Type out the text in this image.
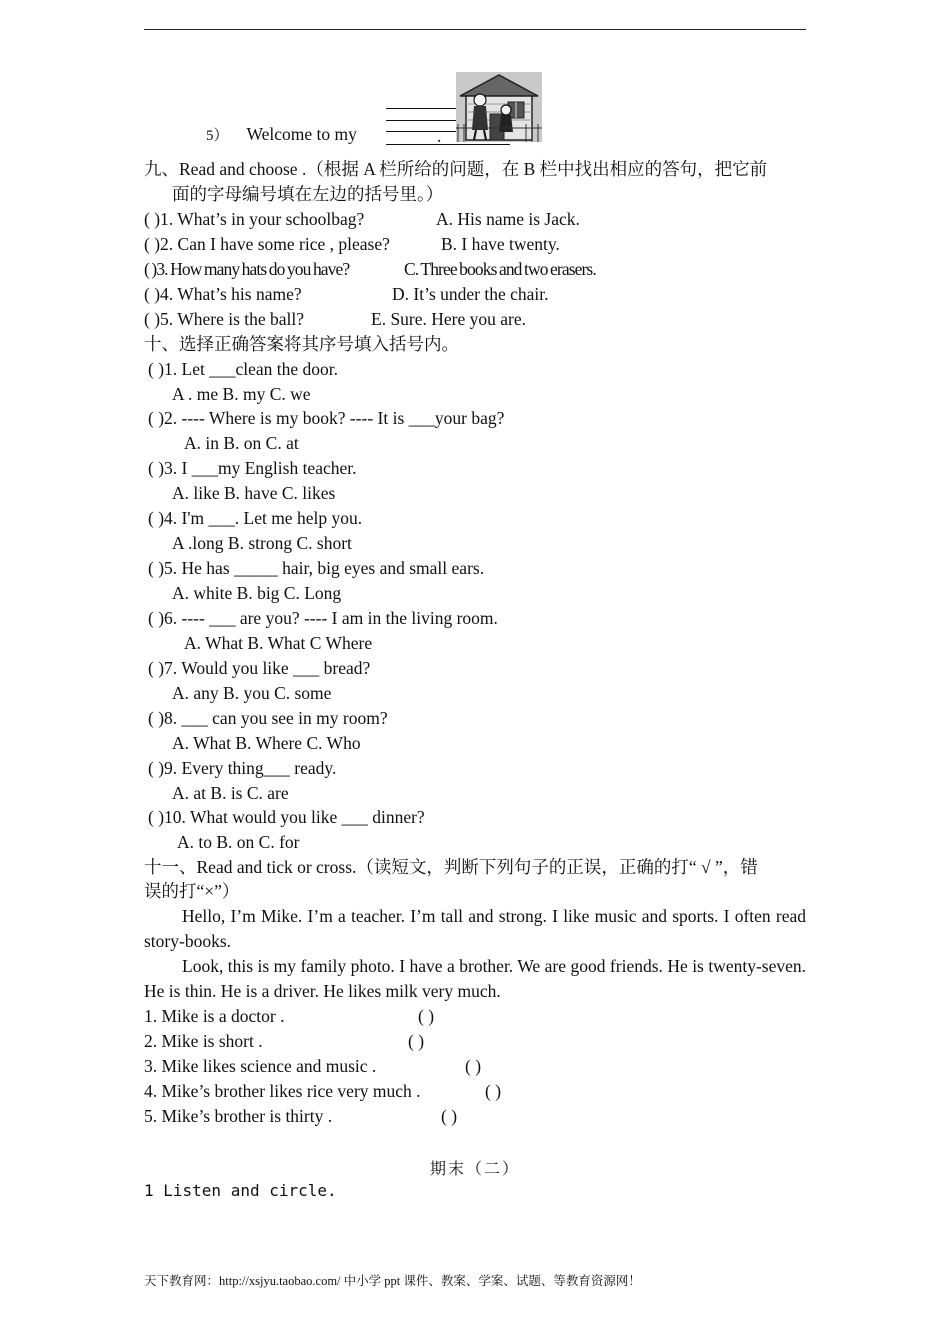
5） Welcome to my	.
九、Read and choose .（根据 A 栏所给的问题，在 B 栏中找出相应的答句，把它前
面的字母编号填在左边的括号里。）
( )1. What’s in your schoolbag?	A. His name is Jack.
( )2. Can I have some rice , please?	B. I have twenty.
( )3. How many hats do you have?	C. Three books and two erasers.
( )4. What’s his name?	D. It’s under the chair.
( )5. Where is the ball?	E. Sure. Here you are.
十、选择正确答案将其序号填入括号内。
( )1. Let ___clean the door.
A . me B. my C. we
( )2. ---- Where is my book? ---- It is ___your bag?
A. in B. on C. at
( )3. I ___my English teacher.
A. like B. have C. likes
( )4. I'm ___. Let me help you.
A .long B. strong C. short
( )5. He has _____ hair, big eyes and small ears.
A. white B. big C. Long
( )6. ---- ___ are you? ---- I am in the living room.
A. What B. What C Where
( )7. Would you like ___ bread?
A. any B. you C. some
( )8. ___ can you see in my room?
A. What B. Where C. Who
( )9. Every thing___ ready.
A. at B. is C. are
( )10. What would you like ___ dinner?
A. to B. on C. for
十一、Read and tick or cross.（读短文，判断下列句子的正误，正确的打“ √ ”，错
误的打“×”）
Hello, I’m Mike. I’m a teacher. I’m tall and strong. I like music and sports. I often read story-books.
Look, this is my family photo. I have a brother. We are good friends. He is twenty-seven. He is thin. He is a driver. He likes milk very much.
1. Mike is a doctor .	( )
2. Mike is short .	( )
3. Mike likes science and music .	( )
4. Mike’s brother likes rice very much .	( )
5. Mike’s brother is thirty .	( )
期末（二）
1 Listen and circle.
天下教育网：http://xsjyu.taobao.com/ 中小学 ppt 课件、教案、学案、试题、等教育资源网！
